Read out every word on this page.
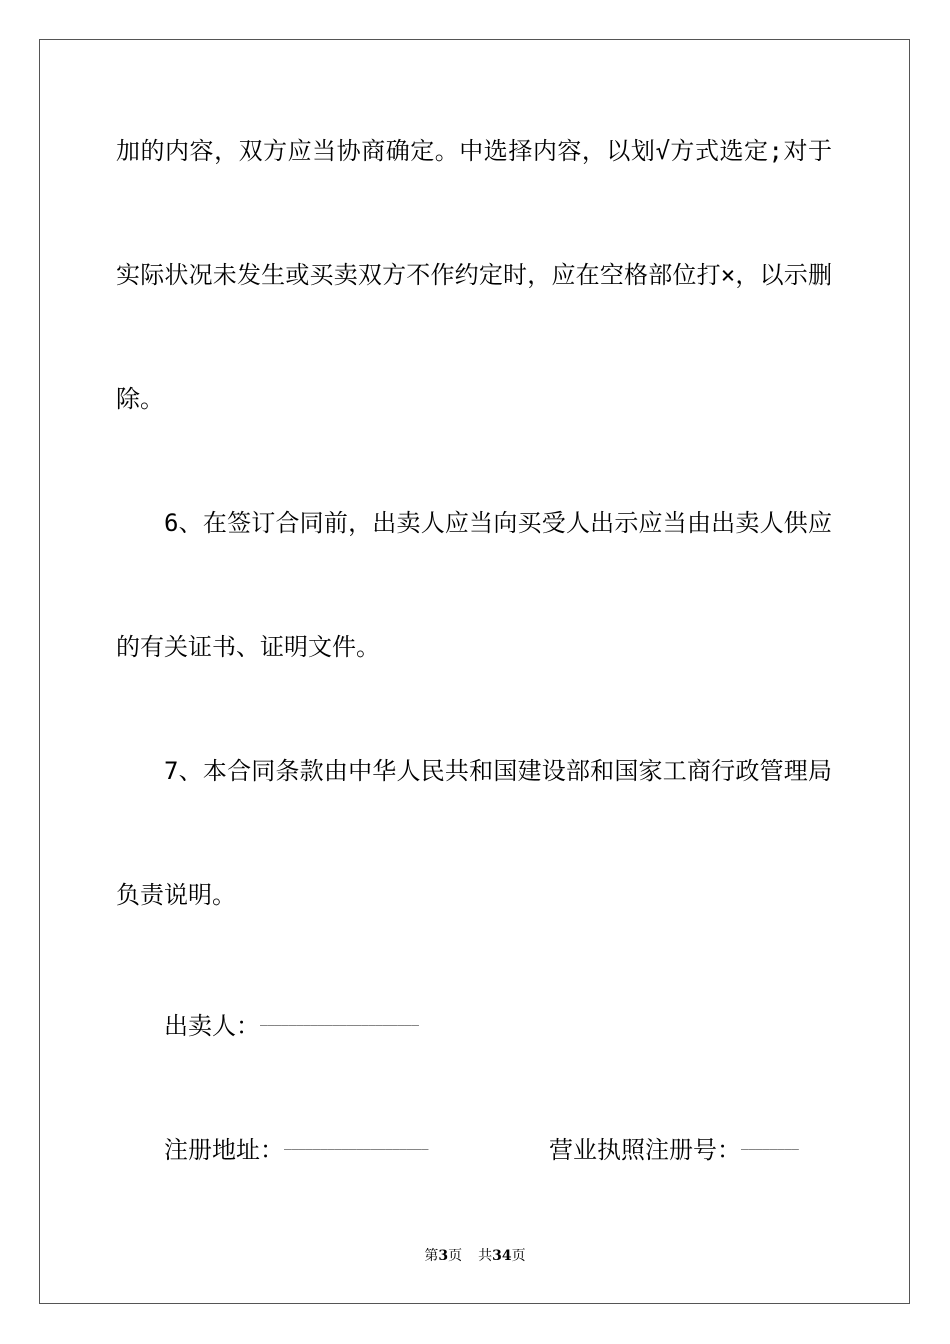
加的内容，双方应当协商确定。中选择内容，以划√方式选定;对于
实际状况未发生或买卖双方不作约定时，应在空格部位打×，以示删
除。
6、在签订合同前，出卖人应当向买受人出示应当由出卖人供应
的有关证书、证明文件。
7、本合同条款由中华人民共和国建设部和国家工商行政管理局
负责说明。
出卖人：______________________
注册地址：____________________	营业执照注册号：________
第3页 共34页
